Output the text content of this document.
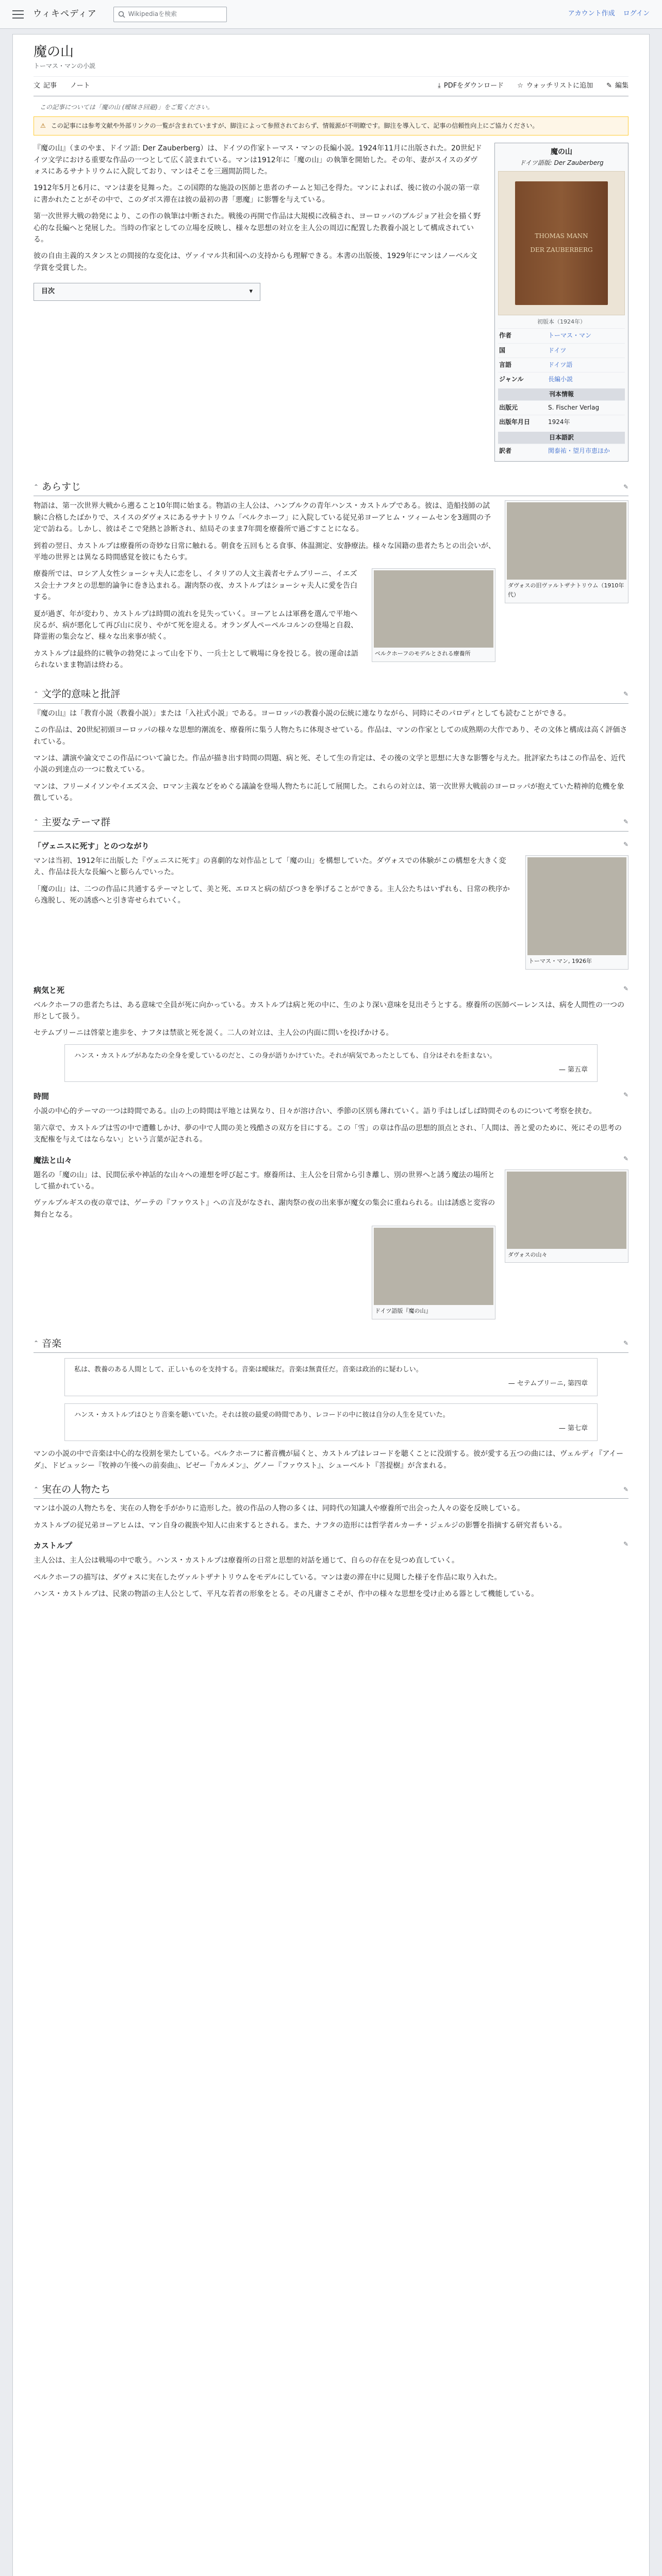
ウィキペディア	Wikipediaを検索	アカウント作成 ログイン
魔の山
トーマス・マンの小説
文 記事 ノート	⤓ PDFをダウンロード ☆ ウォッチリストに追加 ✎ 編集
この記事については「魔の山 (曖昧さ回避)」をご覧ください。
⚠ この記事には参考文献や外部リンクの一覧が含まれていますが、脚注によって参照されておらず、情報源が不明瞭です。脚注を導入して、記事の信頼性向上にご協力ください。
魔の山
ドイツ語版: Der Zauberberg
THOMAS MANN
DER ZAUBERBERG
初版本（1924年）
作者	トーマス・マン
国	ドイツ
言語	ドイツ語
ジャンル	長編小説
刊本情報
出版元	S. Fischer Verlag
出版年月日	1924年
日本語訳
訳者	関泰祐・望月市恵ほか

『魔の山』（まのやま、ドイツ語: Der Zauberberg）は、ドイツの作家トーマス・マンの長編小説。1924年11月に出版された。20世紀ドイツ文学における重要な作品の一つとして広く読まれている。マンは1912年に「魔の山」の執筆を開始した。その年、妻がスイスのダヴォスにあるサナトリウムに入院しており、マンはそこを三週間訪問した。

1912年5月と6月に、マンは妻を見舞った。この国際的な施設の医師と患者のチームと知己を得た。マンによれば、後に彼の小説の第一章に書かれたことがその中で、このダボス滞在は彼の最初の書「悪魔」に影響を与えている。

第一次世界大戦の勃発により、この作の執筆は中断された。戦後の再開で作品は大規模に改稿され、ヨーロッパのブルジョア社会を描く野心的な長編へと発展した。当時の作家としての立場を反映し、様々な思想の対立を主人公の周辺に配置した教養小説として構成されている。

彼の自由主義的スタンスとの間接的な変化は、ヴァイマル共和国への支持からも理解できる。本書の出版後、1929年にマンはノーベル文学賞を受賞した。

目次	▾
⌃ あらすじ	✎
ダヴォスの旧ヴァルトザナトリウム（1910年代）

物語は、第一次世界大戦から遡ること10年間に始まる。物語の主人公は、ハンブルクの青年ハンス・カストルプである。彼は、造船技師の試験に合格したばかりで、スイスのダヴォスにあるサナトリウム「ベルクホーフ」に入院している従兄弟ヨーアヒム・ツィームセンを3週間の予定で訪ねる。しかし、彼はそこで発熱と診断され、結局そのまま7年間を療養所で過ごすことになる。

到着の翌日、カストルプは療養所の奇妙な日常に触れる。朝食を五回もとる食事、体温測定、安静療法。様々な国籍の患者たちとの出会いが、平地の世界とは異なる時間感覚を彼にもたらす。

ベルクホーフのモデルとされる療養所

療養所では、ロシア人女性ショーシャ夫人に恋をし、イタリアの人文主義者セテムブリーニ、イエズス会士ナフタとの思想的論争に巻き込まれる。謝肉祭の夜、カストルプはショーシャ夫人に愛を告白する。

夏が過ぎ、年が変わり、カストルプは時間の流れを見失っていく。ヨーアヒムは軍務を選んで平地へ戻るが、病が悪化して再び山に戻り、やがて死を迎える。オランダ人ペーペルコルンの登場と自殺、降霊術の集会など、様々な出来事が続く。

カストルプは最終的に戦争の勃発によって山を下り、一兵士として戦場に身を投じる。彼の運命は語られないまま物語は終わる。

⌃ 文学的意味と批評	✎

『魔の山』は「教育小説（教養小説）」または「入社式小説」である。ヨーロッパの教養小説の伝統に連なりながら、同時にそのパロディとしても読むことができる。

この作品は、20世紀初頭ヨーロッパの様々な思想的潮流を、療養所に集う人物たちに体現させている。作品は、マンの作家としての成熟期の大作であり、その文体と構成は高く評価されている。

マンは、講演や論文でこの作品について論じた。作品が描き出す時間の問題、病と死、そして生の肯定は、その後の文学と思想に大きな影響を与えた。批評家たちはこの作品を、近代小説の到達点の一つに数えている。

マンは、フリーメイソンやイエズス会、ロマン主義などをめぐる議論を登場人物たちに託して展開した。これらの対立は、第一次世界大戦前のヨーロッパが抱えていた精神的危機を象徴している。

⌃ 主要なテーマ群	✎
「ヴェニスに死す」とのつながり	✎
トーマス・マン, 1926年

マンは当初、1912年に出版した『ヴェニスに死す』の喜劇的な対作品として「魔の山」を構想していた。ダヴォスでの体験がこの構想を大きく変え、作品は長大な長編へと膨らんでいった。

「魔の山」は、二つの作品に共通するテーマとして、美と死、エロスと病の結びつきを挙げることができる。主人公たちはいずれも、日常の秩序から逸脱し、死の誘惑へと引き寄せられていく。

病気と死	✎

ベルクホーフの患者たちは、ある意味で全員が死に向かっている。カストルプは病と死の中に、生のより深い意味を見出そうとする。療養所の医師ベーレンスは、病を人間性の一つの形として扱う。

セテムブリーニは啓蒙と進歩を、ナフタは禁欲と死を説く。二人の対立は、主人公の内面に問いを投げかける。

ハンス・カストルプがあなたの全身を愛しているのだと、この身が語りかけていた。それが病気であったとしても、自分はそれを拒まない。
— 第五章
時間	✎

小説の中心的テーマの一つは時間である。山の上の時間は平地とは異なり、日々が溶け合い、季節の区別も薄れていく。語り手はしばしば時間そのものについて考察を挟む。

第六章で、カストルプは雪の中で遭難しかけ、夢の中で人間の美と残酷さの双方を目にする。この「雪」の章は作品の思想的頂点とされ、「人間は、善と愛のために、死にその思考の支配権を与えてはならない」という言葉が記される。

魔法と山々	✎
ダヴォスの山々

題名の「魔の山」は、民間伝承や神話的な山々への連想を呼び起こす。療養所は、主人公を日常から引き離し、別の世界へと誘う魔法の場所として描かれている。

ヴァルプルギスの夜の章では、ゲーテの『ファウスト』への言及がなされ、謝肉祭の夜の出来事が魔女の集会に重ねられる。山は誘惑と変容の舞台となる。

ドイツ語版『魔の山』
⌃ 音楽	✎
私は、教養のある人間として、正しいものを支持する。音楽は曖昧だ。音楽は無責任だ。音楽は政治的に疑わしい。
— セテムブリーニ, 第四章
ハンス・カストルプはひとり音楽を聴いていた。それは彼の最愛の時間であり、レコードの中に彼は自分の人生を見ていた。
— 第七章

マンの小説の中で音楽は中心的な役割を果たしている。ベルクホーフに蓄音機が届くと、カストルプはレコードを聴くことに没頭する。彼が愛する五つの曲には、ヴェルディ『アイーダ』、ドビュッシー『牧神の午後への前奏曲』、ビゼー『カルメン』、グノー『ファウスト』、シューベルト『菩提樹』が含まれる。

⌃ 実在の人物たち	✎

マンは小説の人物たちを、実在の人物を手がかりに造形した。彼の作品の人物の多くは、同時代の知識人や療養所で出会った人々の姿を反映している。

カストルプの従兄弟ヨーアヒムは、マン自身の親族や知人に由来するとされる。また、ナフタの造形には哲学者ルカーチ・ジェルジの影響を指摘する研究者もいる。

カストルプ	✎

主人公は、主人公は戦場の中で歌う。ハンス・カストルプは療養所の日常と思想的対話を通じて、自らの存在を見つめ直していく。

ベルクホーフの描写は、ダヴォスに実在したヴァルトザナトリウムをモデルにしている。マンは妻の滞在中に見聞した様子を作品に取り入れた。

ハンス・カストルプは、民衆の物語の主人公として、平凡な若者の形象をとる。その凡庸さこそが、作中の様々な思想を受け止める器として機能している。
